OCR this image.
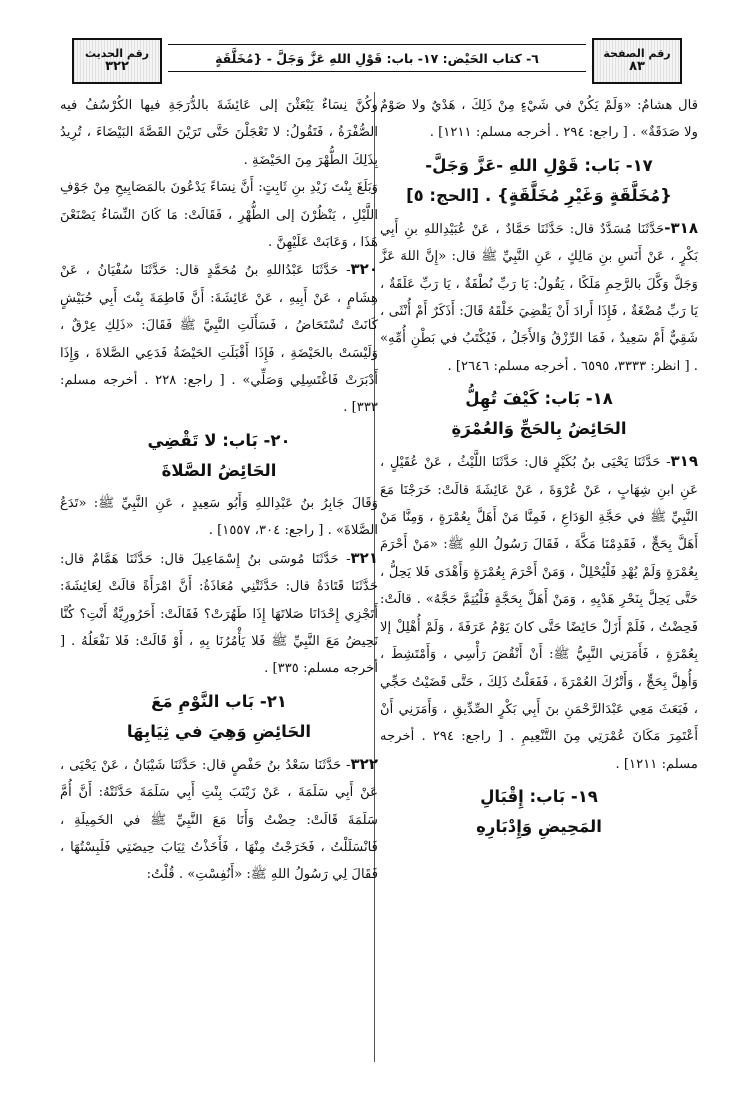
رقم الصفحة
٨٣
٦- كتاب الحَيْض: ١٧- باب: قَوْلِ اللهِ عَزَّ وَجَلَّ - {مُخَلَّقَةٍ
رقم الحديث
٣٢٢

قال هشامٌ: «وَلَمْ يَكُنْ في شَيْءٍ مِنْ ذَلِكَ ، هَدْيٌ ولا صَوْمٌ ولا صَدَقَةٌ» . [ راجع: ٢٩٤ . أخرجه مسلم: ١٢١١] .

١٧- بَاب: قَوْلِ اللهِ -عَزَّ وَجَلَّ-
{مُخَلَّقَةٍ وَغَيْرِ مُخَلَّقَةٍ} . [الحج: ٥]

٣١٨-حَدَّثَنَا مُسَدَّدٌ قال: حَدَّثَنَا حَمَّادٌ ، عَنْ عُبَيْدِاللهِ بنِ أَبِي بَكْرٍ ، عَنْ أَنَسِ بنِ مَالِكٍ ، عَنِ النَّبِيِّ ﷺ قال: «إِنَّ اللهَ عَزَّ وَجَلَّ وَكَّلَ بالرَّحِمِ مَلَكًا ، يَقُولُ: يَا رَبِّ نُطْفَةٌ ، يَا رَبِّ عَلَقَةٌ ، يَا رَبِّ مُضْغَةٌ ، فَإِذَا أَرادَ أَنْ يَقْضِيَ خَلْقَهُ قَالَ: أَذَكَرٌ أَمْ أُنْثَى ، شَقِيٌّ أَمْ سَعِيدٌ ، فَمَا الرِّزْقُ وَالأَجَلُ ، فَيُكْتَبُ في بَطْنِ أُمِّهِ» . [ انظر: ٣٣٣٣، ٦٥٩٥ . أخرجه مسلم: ٢٦٤٦] .

١٨- بَاب: كَيْفَ تُهِلُّ
الحَائِضُ بِالحَجِّ وَالعُمْرَةِ

٣١٩- حَدَّثَنَا يَحْيَى بنُ بُكَيْرٍ قال: حَدَّثَنَا اللَّيْثُ ، عَنْ عُقَيْلٍ ، عَنِ ابنِ شِهَابٍ ، عَنْ عُرْوَةَ ، عَنْ عَائِشَةَ قالَتْ: خَرَجْنَا مَعَ النَّبِيِّ ﷺ في حَجَّةِ الوَدَاعِ ، فَمِنَّا مَنْ أَهَلَّ بِعُمْرَةٍ ، وَمِنَّا مَنْ أَهَلَّ بِحَجٍّ ، فَقَدِمْنَا مَكَّةَ ، فَقَالَ رَسُولُ اللهِ ﷺ: «مَنْ أَحْرَمَ بِعُمْرَةٍ وَلَمْ يُهْدِ فَلْيُحْلِلْ ، وَمَنْ أَحْرَمَ بِعُمْرَةٍ وَأَهْدَى فَلا يَحِلُّ ، حَتَّى يَحِلَّ بِنَحْرِ هَدْيِهِ ، وَمَنْ أَهَلَّ بِحَجَّةٍ فَلْيُتِمَّ حَجَّهُ» . قالَتْ: فَحِضْتُ ، فَلَمْ أَزَلْ حَائِضًا حَتَّى كانَ يَوْمُ عَرَفَةَ ، وَلَمْ أُهْلِلْ إلا بِعُمْرَةٍ ، فَأَمَرَنِي النَّبِيُّ ﷺ: أَنْ أَنْقُضَ رَأْسِي ، وَأَمْتَشِطَ ، وَأُهِلَّ بِحَجٍّ ، وَأَتْرُكَ العُمْرَةَ ، فَفَعَلْتُ ذَلِكَ ، حَتَّى قَضَيْتُ حَجِّي ، فَبَعَثَ مَعِي عَبْدَالرَّحْمَنِ بنَ أَبِي بَكْرٍ الصِّدِّيقِ ، وَأَمَرَنِي أَنْ أَعْتَمِرَ مَكَانَ عُمْرَتِي مِنَ التَّنْعِيمِ . [ راجع: ٢٩٤ . أخرجه مسلم: ١٢١١] .

١٩- بَاب: إِقْبَالِ
المَحِيضِ وَإِدْبَارِهِ

وكُنَّ نِسَاءٌ يَبْعَثْنَ إلى عَائِشَةَ بالدُّرَجَةِ فيها الكُرْسُفُ فيه الصُّفْرَةُ ، فَتَقُولُ: لا تَعْجَلْنَ حَتَّى تَرَيْنَ القَصَّةَ البَيْضَاءَ ، تُرِيدُ بِذَلِكَ الطُّهْرَ مِنَ الحَيْضَةِ .

وَبَلَغَ بِنْتَ زَيْدِ بنِ ثَابِتٍ: أَنَّ نِسَاءً يَدْعُونَ بالمَصَابِيحِ مِنْ جَوْفِ اللَّيْلِ ، يَنْظُرْنَ إلى الطُّهْرِ ، فَقَالَتْ: مَا كَانَ النِّسَاءُ يَصْنَعْنَ هَذَا ، وَعَابَتْ عَلَيْهِنَّ .

٣٢٠- حَدَّثَنَا عَبْدُاللهِ بنُ مُحَمَّدٍ قال: حَدَّثَنَا سُفْيَانُ ، عَنْ هِشَامٍ ، عَنْ أَبِيهِ ، عَنْ عَائِشَةَ: أَنَّ فَاطِمَةَ بِنْتَ أَبِي حُبَيْشٍ كَانَتْ تُسْتَحَاضُ ، فَسَأَلَتِ النَّبِيَّ ﷺ فَقَالَ: «ذَلِكِ عِرْقٌ ، وَلَيْسَتْ بالحَيْضَةِ ، فَإِذَا أَقْبَلَتِ الحَيْضَةُ فَدَعِي الصَّلاةَ ، وَإِذَا أَدْبَرَتْ فَاغْتَسِلِي وَصَلِّي» . [ راجع: ٢٢٨ . أخرجه مسلم: ٣٣٣] .

٢٠- بَاب: لا تَقْضِي
الحَائِضُ الصَّلاةَ

وَقَالَ جَابِرُ بنُ عَبْدِاللهِ وَأَبُو سَعِيدٍ ، عَنِ النَّبِيِّ ﷺ: «تَدَعُ الصَّلاةَ» . [ راجع: ٣٠٤، ١٥٥٧] .

٣٢١- حَدَّثَنَا مُوسَى بنُ إِسْمَاعِيلَ قال: حَدَّثَنَا هَمَّامٌ قال: حَدَّثَنَا قَتَادَةُ قال: حَدَّثَتْنِي مُعَاذَةُ: أَنَّ امْرَأَةً قالَتْ لِعَائِشَةَ: أَتَجْزِي إِحْدَانَا صَلاتَهَا إِذَا طَهُرَتْ؟ فَقَالَتْ: أَحَرُورِيَّةٌ أَنْتِ؟ كُنَّا نَحِيضُ مَعَ النَّبِيِّ ﷺ فَلا يَأْمُرُنَا بِهِ ، أَوْ قَالَتْ: فَلا نَفْعَلُهُ . [ أخرجه مسلم: ٣٣٥] .

٢١- بَاب النَّوْمِ مَعَ
الحَائِضِ وَهِيَ في ثِيَابِهَا

٣٢٢- حَدَّثَنَا سَعْدُ بنُ حَفْصٍ قال: حَدَّثَنَا شَيْبَانُ ، عَنْ يَحْيَى ، عَنْ أَبِي سَلَمَةَ ، عَنْ زَيْنَبَ بِنْتِ أَبِي سَلَمَةَ حَدَّثَتْهُ: أَنَّ أُمَّ سَلَمَةَ قَالَتْ: حِضْتُ وَأَنَا مَعَ النَّبِيِّ ﷺ في الخَمِيلَةِ ، فَانْسَلَلْتُ ، فَخَرَجْتُ مِنْهَا ، فَأَخَذْتُ ثِيَابَ حِيضَتِي فَلَبِسْتُهَا ، فَقَالَ لِي رَسُولُ اللهِ ﷺ: «أَنُفِسْتِ» . قُلْتُ:
